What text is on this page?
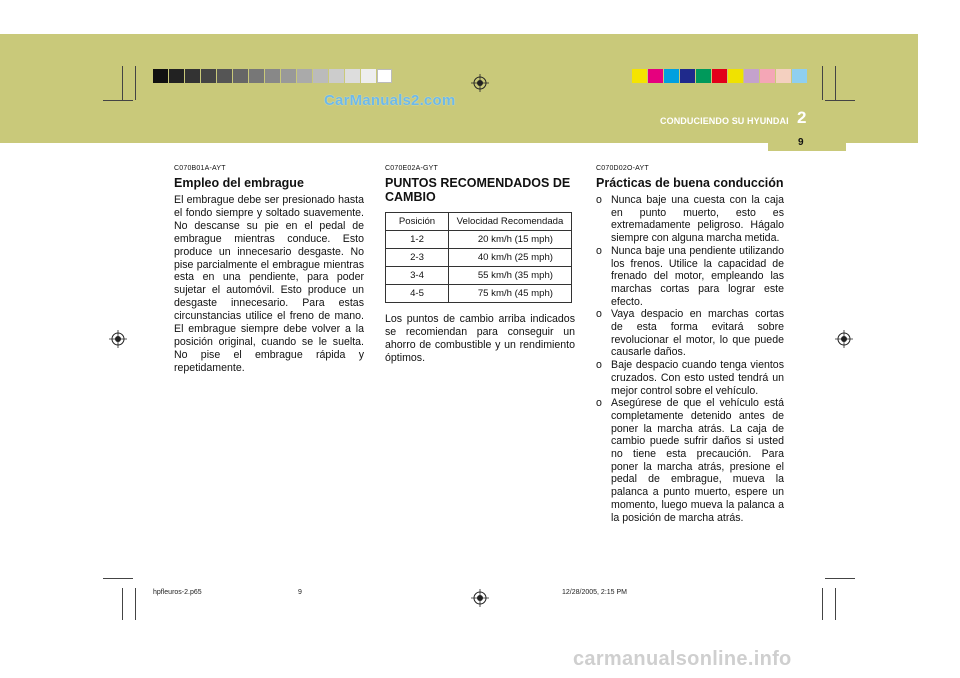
CarManuals2.com
CONDUCIENDO SU HYUNDAI 2
9
C070B01A-AYT
Empleo del embrague
El embrague debe ser presionado hasta el fondo siempre y soltado suavemente. No descanse su pie en el pedal de embrague mientras conduce. Esto produce un innecesario desgaste. No pise parcialmente el embrague mientras esta en una pendiente, para poder sujetar el automóvil. Esto produce un desgaste innecesario. Para estas circunstancias utilice el freno de mano. El embrague siempre debe volver a la posición original, cuando se le suelta. No pise el embrague rápida y repetidamente.
C070E02A-GYT
PUNTOS RECOMENDADOS DE CAMBIO
Posición	Velocidad Recomendada
1-2	20 km/h (15 mph)
2-3	40 km/h (25 mph)
3-4	55 km/h (35 mph)
4-5	75 km/h (45 mph)
Los puntos de cambio arriba indicados se recomiendan para conseguir un ahorro de combustible y un rendimiento óptimos.
C070D02O-AYT
Prácticas de buena conducción
o Nunca baje una cuesta con la caja en punto muerto, esto es extremadamente peligroso. Hágalo siempre con alguna marcha metida.
o Nunca baje una pendiente utilizando los frenos. Utilice la capacidad de frenado del motor, empleando las marchas cortas para lograr este efecto.
o Vaya despacio en marchas cortas de esta forma evitará sobre revolucionar el motor, lo que puede causarle daños.
o Baje despacio cuando tenga vientos cruzados. Con esto usted tendrá un mejor control sobre el vehículo.
o Asegúrese de que el vehículo está completamente detenido antes de poner la marcha atrás. La caja de cambio puede sufrir daños si usted no tiene esta precaución. Para poner la marcha atrás, presione el pedal de embrague, mueva la palanca a punto muerto, espere un momento, luego mueva la palanca a la posición de marcha atrás.
hpfleuros-2.p65	9	12/28/2005, 2:15 PM
carmanualsonline.info
